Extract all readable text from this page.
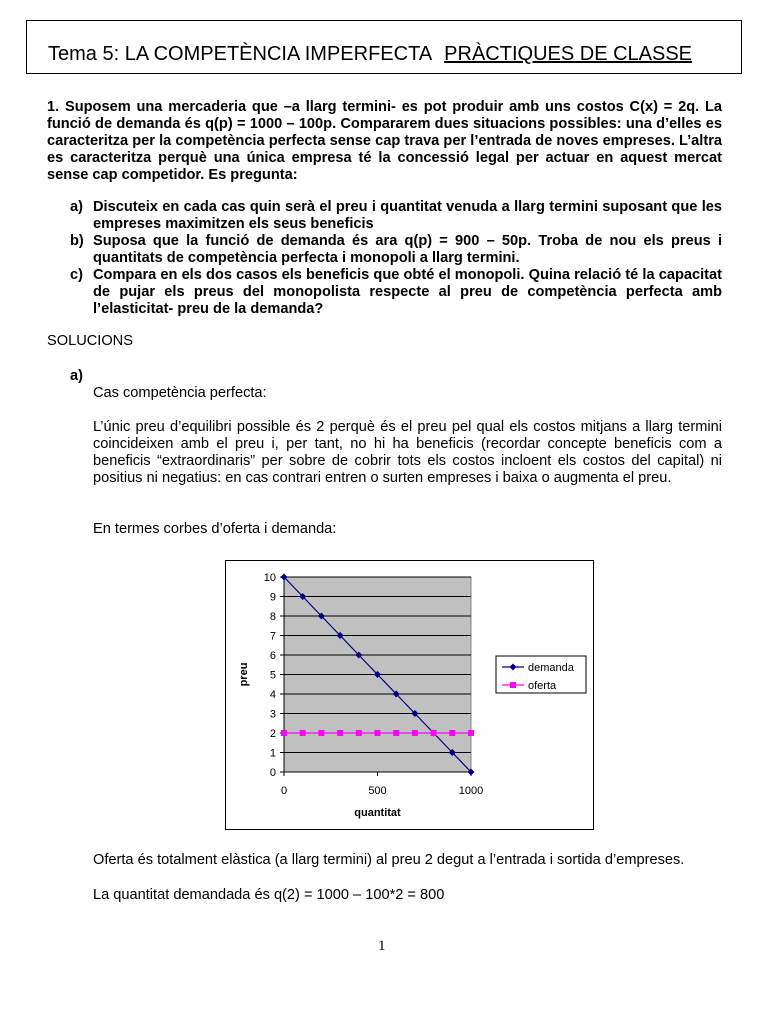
Tema 5: LA COMPETÈNCIA IMPERFECTA PRÀCTIQUES DE CLASSE
1. Suposem una mercaderia que –a llarg termini- es pot produir amb uns costos C(x) = 2q. La funció de demanda és q(p) = 1000 – 100p. Compararem dues situacions possibles: una d’elles es caracteritza per la competència perfecta sense cap trava per l’entrada de noves empreses. L’altra es caracteritza perquè una única empresa té la concessió legal per actuar en aquest mercat sense cap competidor. Es pregunta:
a) Discuteix en cada cas quin serà el preu i quantitat venuda a llarg termini suposant que les empreses maximitzen els seus beneficis
b) Suposa que la funció de demanda és ara q(p) = 900 – 50p. Troba de nou els preus i quantitats de competència perfecta i monopoli a llarg termini.
c) Compara en els dos casos els beneficis que obté el monopoli. Quina relació té la capacitat de pujar els preus del monopolista respecte al preu de competència perfecta amb l’elasticitat- preu de la demanda?
SOLUCIONS
a)
Cas competència perfecta:
L’únic preu d’equilibri possible és 2 perquè és el preu pel qual els costos mitjans a llarg termini coincideixen amb el preu i, per tant, no hi ha beneficis (recordar concepte beneficis com a beneficis “extraordinaris” per sobre de cobrir tots els costos incloent els costos del capital) ni positius ni negatius: en cas contrari entren o surten empreses i baixa o augmenta el preu.
En termes corbes d’oferta i demanda:
0
1
2
3
4
5
6
7
8
9
10
0	500	1000
quantitat
preu	demanda
oferta
Oferta és totalment elàstica (a llarg termini) al preu 2 degut a l’entrada i sortida d’empreses.
La quantitat demandada és q(2) = 1000 – 100*2 = 800
1
